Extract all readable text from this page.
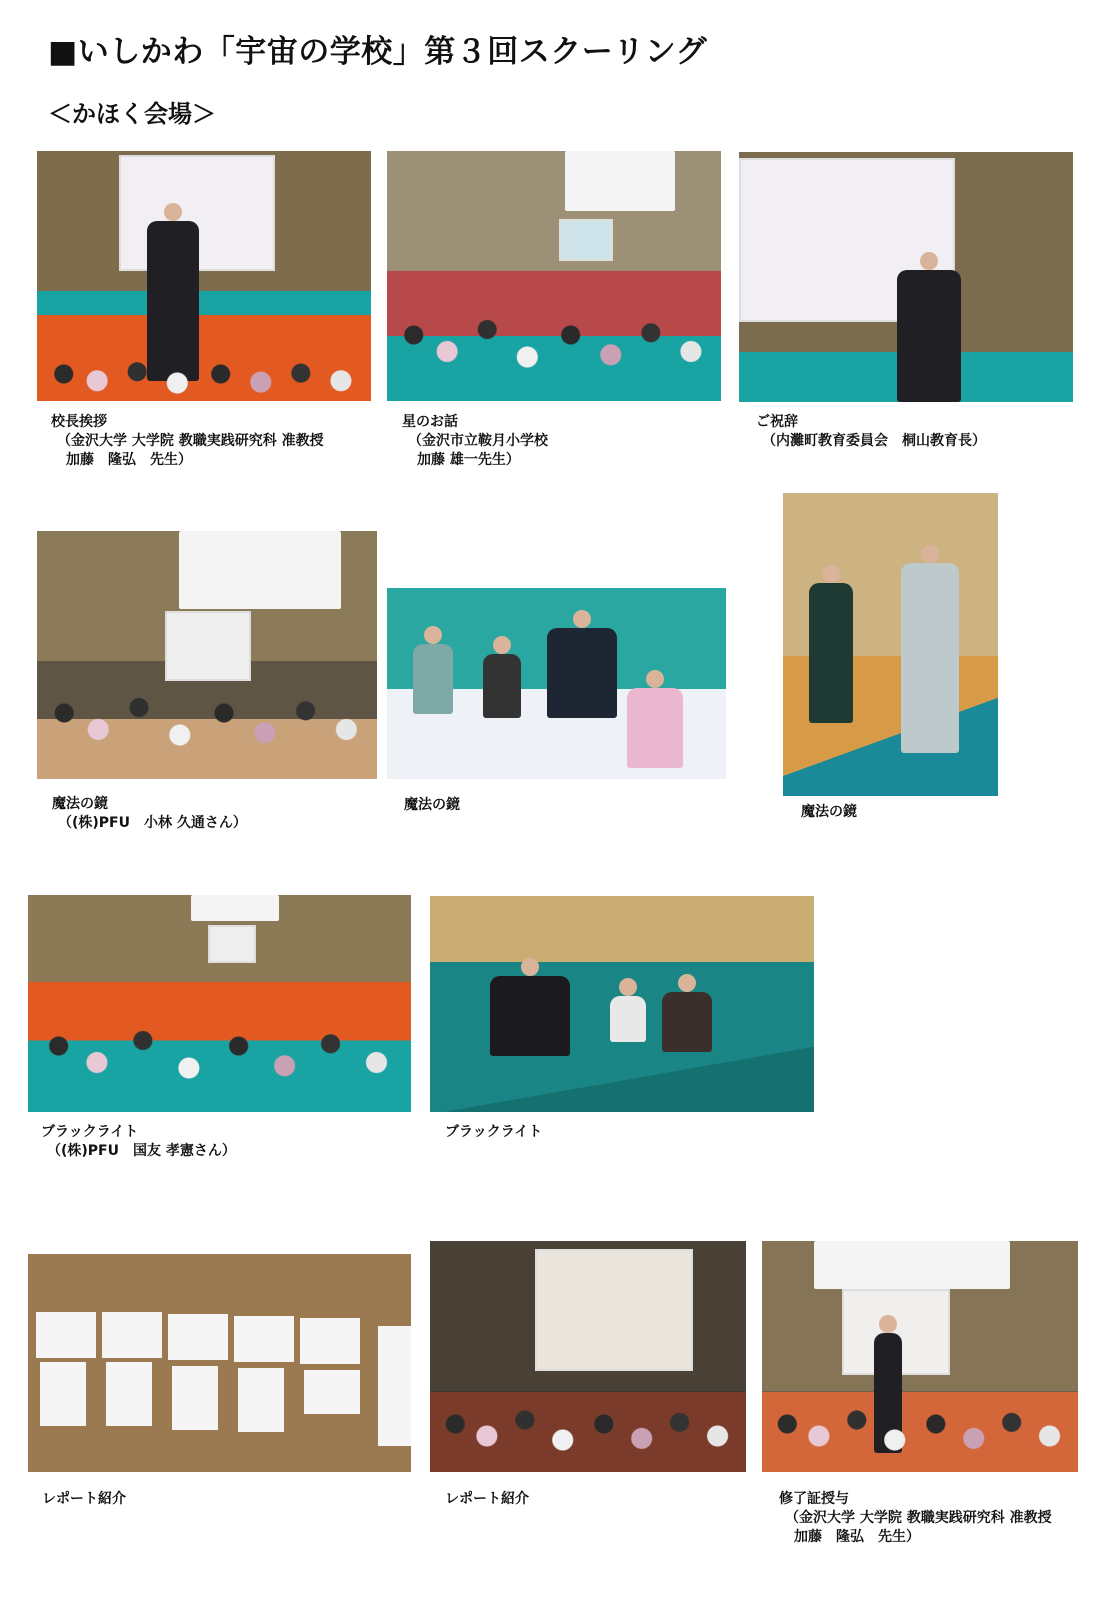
■いしかわ「宇宙の学校」第３回スクーリング
＜かほく会場＞
校長挨拶
（金沢大学 大学院 教職実践研究科 准教授
加藤　隆弘　先生）
星のお話
（金沢市立鞍月小学校
加藤 雄一先生）
ご祝辞
（内灘町教育委員会　桐山教育長）
魔法の鏡
（(株)PFU　小林 久通さん）
魔法の鏡	魔法の鏡
ブラックライト
（(株)PFU　国友 孝憲さん）
ブラックライト
レポート紹介	レポート紹介	修了証授与
（金沢大学 大学院 教職実践研究科 准教授
加藤　隆弘　先生）
